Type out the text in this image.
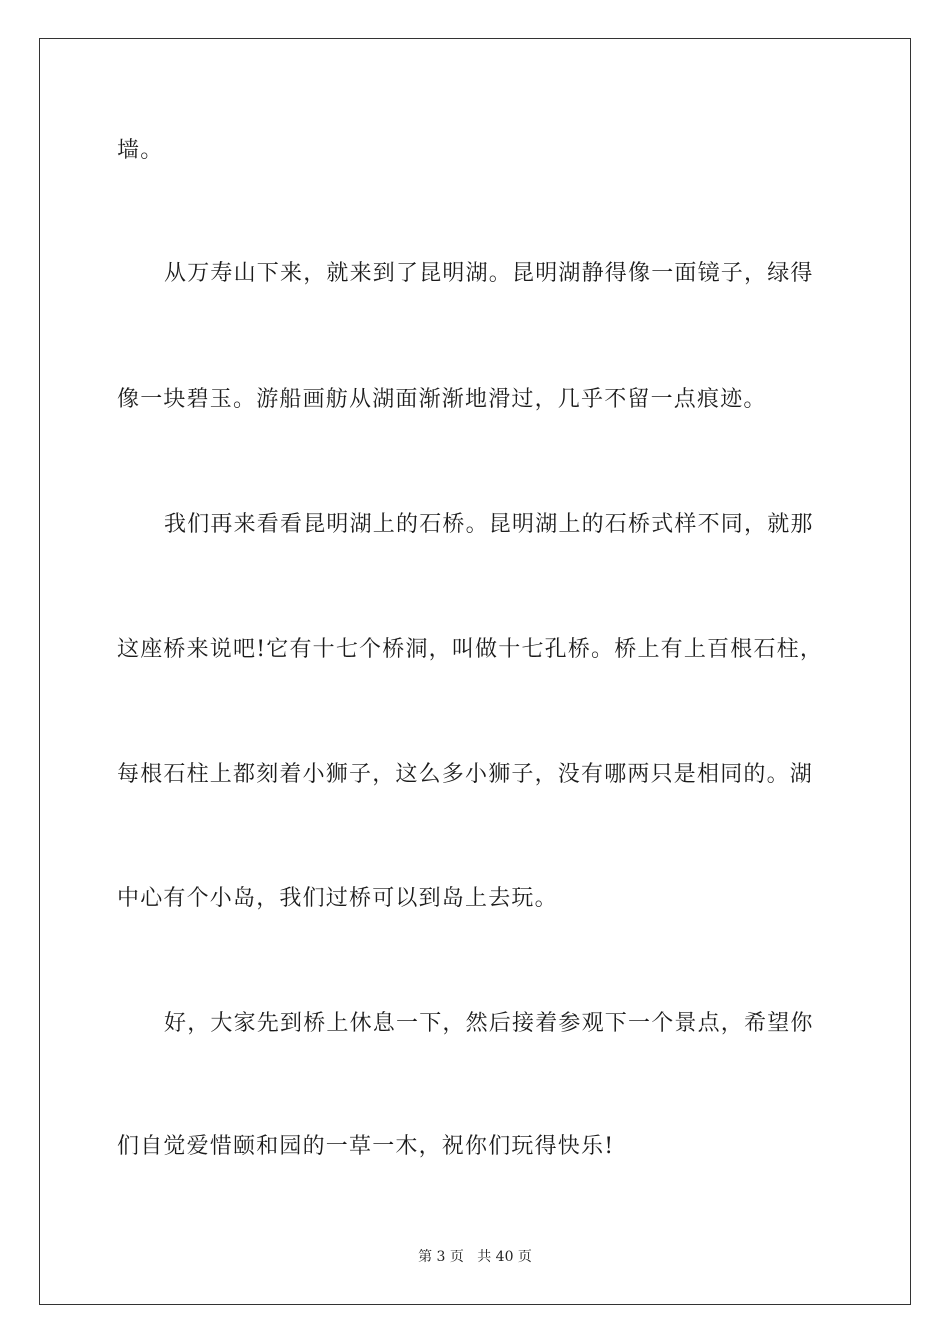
墙。
从万寿山下来，就来到了昆明湖。昆明湖静得像一面镜子，绿得
像一块碧玉。游船画舫从湖面渐渐地滑过，几乎不留一点痕迹。
我们再来看看昆明湖上的石桥。昆明湖上的石桥式样不同，就那
这座桥来说吧!它有十七个桥洞，叫做十七孔桥。桥上有上百根石柱，
每根石柱上都刻着小狮子，这么多小狮子，没有哪两只是相同的。湖
中心有个小岛，我们过桥可以到岛上去玩。
好，大家先到桥上休息一下，然后接着参观下一个景点，希望你
们自觉爱惜颐和园的一草一木，祝你们玩得快乐!
第 3 页   共 40 页
